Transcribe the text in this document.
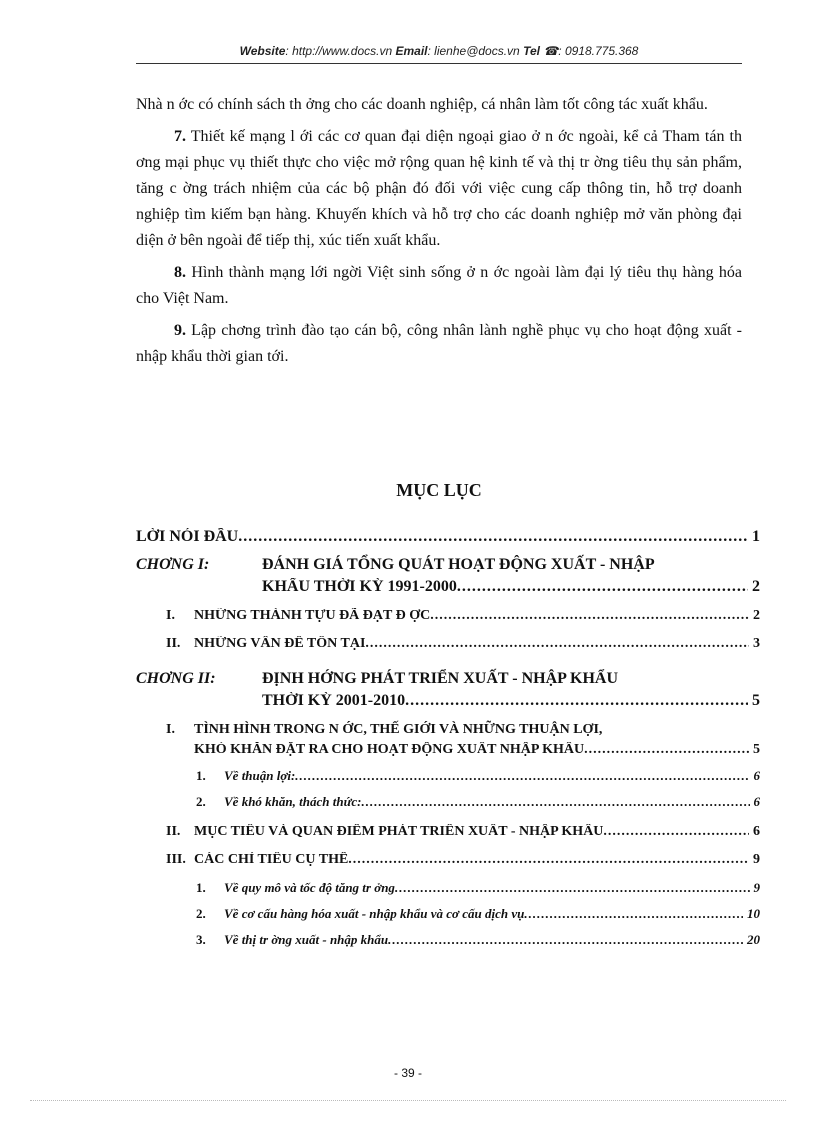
Website: http://www.docs.vn Email: lienhe@docs.vn Tel ☎: 0918.775.368

Nhà n ớc có chính sách th ởng cho các doanh nghiệp, cá nhân làm tốt công tác xuất khẩu.

7. Thiết kế mạng l ới các cơ quan đại diện ngoại giao ở n ớc ngoài, kể cả Tham tán th ơng mại phục vụ thiết thực cho việc mở rộng quan hệ kinh tế và thị tr ờng tiêu thụ sản phẩm, tăng c ờng trách nhiệm của các bộ phận đó đối với việc cung cấp thông tin, hỗ trợ doanh nghiệp tìm kiếm bạn hàng. Khuyến khích và hỗ trợ cho các doanh nghiệp mở văn phòng đại diện ở bên ngoài để tiếp thị, xúc tiến xuất khẩu.

8. Hình thành mạng lới ngời Việt sinh sống ở n ớc ngoài làm đại lý tiêu thụ hàng hóa cho Việt Nam.

9. Lập chơng trình đào tạo cán bộ, công nhân lành nghề phục vụ cho hoạt động xuất - nhập khẩu thời gian tới.

MỤC LỤC
LỜI NÓI ĐẦU .....	1
CHƠNG I:	ĐÁNH GIÁ TỔNG QUÁT HOẠT ĐỘNG XUẤT - NHẬP
KHẨU THỜI KỲ 1991-2000 .....	2
I.	NHỮNG THÀNH TỰU ĐÃ ĐẠT Đ ỢC .....	2
II. NHỮNG VẤN ĐỀ TỒN TẠI .....	3
CHƠNG II:	ĐỊNH HỚNG PHÁT TRIỂN XUẤT - NHẬP KHẨU
THỜI KỲ 2001-2010 .....	5
I. TÌNH HÌNH TRONG N ỚC, THẾ GIỚI VÀ NHỮNG THUẬN LỢI,
KHÓ KHĂN ĐẶT RA CHO HOẠT ĐỘNG XUẤT NHẬP KHẨU .....	5
1.	Về thuận lợi: .....	6
2.	Về khó khăn, thách thức: .....	6
II. MỤC TIÊU VÀ QUAN ĐIỂM PHÁT TRIỂN XUẤT - NHẬP KHẨU .....	6
III. CÁC CHỈ TIÊU CỤ THỂ .....	9
1.	Về quy mô và tốc độ tăng tr ởng .....	9
2.	Về cơ cấu hàng hóa xuất - nhập khẩu và cơ cấu dịch vụ .....	10
3.	Về thị tr ờng xuất - nhập khẩu .....	20
- 39 -
